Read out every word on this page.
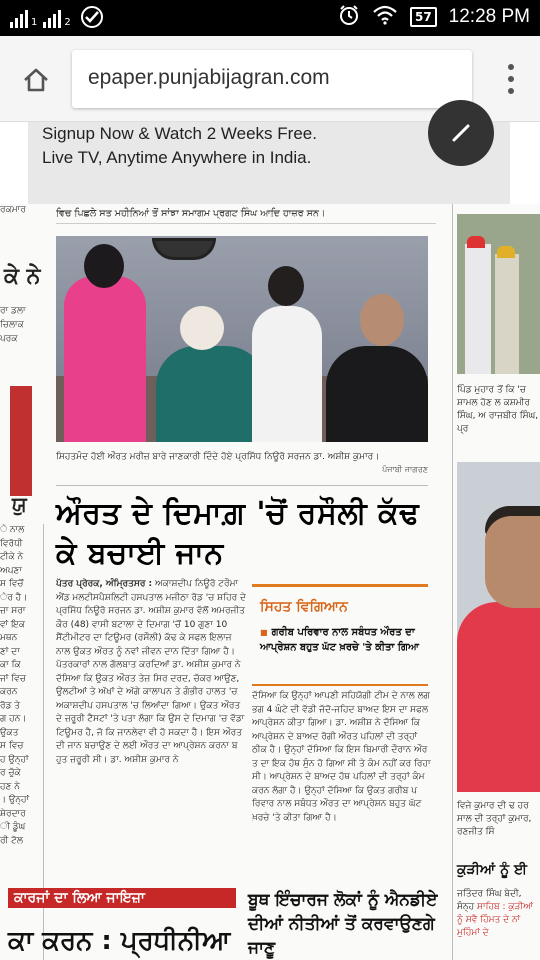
1	2	57 12:28 PM
epaper.punjabijagran.com
ਰਕਮਾਰ
ਕੇ ਨੇ

ਰਾ ਡਲਾ

ਚਿਲਾਕ

ਪਰਕ

ਯੁ

ੇ ਨਾਲ

ਵਿਰੋਧੀ

ਟੀਕੇ ਨੇ

ਅਪਣਾ

ਸ ਵਿਚੋਂ

ੇਰ ਹੈ।

ਜ਼ਾ ਸਰਾ

ਵਾਂ ਇਕ

ਮਥਨ

ਣਾਂ ਦਾ

ਕਾ ਕਿ

ਜਾਂ ਵਿਚ

ਕਰਨ

ਰੋਡ ਤੇ

ਗ ਹਨ।

ਉਕਤ

ਸ ਵਿਚ

ਹ ਉਨ੍ਹਾਂ

ਰ ਚੁੱਕੇ

ਹਣ ਨੇ

। ਉਨ੍ਹਾਂ

ਸ਼ੇਰਦਾਰ

ੀ ਡੂੰਘ

ਰੀ ਟੋਲ

ਵਿਚ ਪਿਛਲੇ ਸਤ ਮਹੀਨਿਆਂ ਤੋਂ ਸਾਂਝਾ ਸਮਾਗਮ ਪ੍ਰਗਟ ਸਿੰਘ ਆਦਿ ਹਾਜ਼ਰ ਸਨ।
ਸਿਹਤਮੰਦ ਹੋਈ ਔਰਤ ਮਰੀਜ਼ ਬਾਰੇ ਜਾਣਕਾਰੀ ਦਿੰਦੇ ਹੋਏ ਪ੍ਰਸਿੱਧ ਨਿਊਰੋ ਸਰਜਨ ਡਾ. ਅਸ਼ੀਸ਼ ਕੁਮਾਰ।
ਪੰਜਾਬੀ ਜਾਗਰਣ
ਔਰਤ ਦੇ ਦਿਮਾਗ਼ 'ਚੋਂ ਰਸੌਲੀ ਕੱਢ ਕੇ ਬਚਾਈ ਜਾਨ

ਪੱਤਰ ਪ੍ਰੇਰਕ, ਅੰਮ੍ਰਿਤਸਰ : ਅਕਾਸ਼ਦੀਪ ਨਿਊਰੋ ਟਰੌਮਾ ਐਂਡ ਮਲਟੀਸਪੈਸ਼ਲਿਟੀ ਹਸਪਤਾਲ ਮਜੀਠਾ ਰੋਡ 'ਚ ਸ਼ਹਿਰ ਦੇ ਪ੍ਰਸਿੱਧ ਨਿਊਰੋ ਸਰਜਨ ਡਾ. ਅਸ਼ੀਸ਼ ਕੁਮਾਰ ਵੱਲੋਂ ਅਮਰਜੀਤ ਕੌਰ (48) ਵਾਸੀ ਬਟਾਲਾ ਦੇ ਦਿਮਾਗ 'ਚੋਂ 10 ਗੁਣਾ 10 ਸੈਂਟੀਮੀਟਰ ਦਾ ਟਿਊਮਰ (ਰਸੌਲੀ) ਕੱਢ ਕੇ ਸਫਲ ਇਲਾਜ ਨਾਲ ਉਕਤ ਔਰਤ ਨੂੰ ਨਵਾਂ ਜੀਵਨ ਦਾਨ ਦਿੱਤਾ ਗਿਆ ਹੈ। ਪੱਤਰਕਾਰਾਂ ਨਾਲ ਗੱਲਬਾਤ ਕਰਦਿਆਂ ਡਾ. ਅਸ਼ੀਸ਼ ਕੁਮਾਰ ਨੇ ਦੱਸਿਆ ਕਿ ਉਕਤ ਔਰਤ ਤੇਜ਼ ਸਿਰ ਦਰਦ, ਚੱਕਰ ਆਉਣ, ਉਲਟੀਆਂ ਤੇ ਅੱਖਾਂ ਦੇ ਅੱਗੇ ਕਾਲਾਪਨ ਤੇ ਗੰਭੀਰ ਹਾਲਤ 'ਚ ਅਕਾਸ਼ਦੀਪ ਹਸਪਤਾਲ 'ਚ ਲਿਆਂਦਾ ਗਿਆ। ਉਕਤ ਔਰਤ ਦੇ ਜ਼ਰੂਰੀ ਟੈਸਟਾਂ 'ਤੇ ਪਤਾ ਲੱਗਾ ਕਿ ਉਸ ਦੇ ਦਿਮਾਗ 'ਚ ਵੱਡਾ ਟਿਊਮਰ ਹੈ, ਜੋ ਕਿ ਜਾਨਲੇਵਾ ਵੀ ਹੋ ਸਕਦਾ ਹੈ। ਇਸ ਔਰਤ ਦੀ ਜਾਨ ਬਚਾਉਣ ਦੇ ਲਈ ਔਰਤ ਦਾ ਆਪ੍ਰੇਸ਼ਨ ਕਰਨਾ ਬਹੁਤ ਜ਼ਰੂਰੀ ਸੀ। ਡਾ. ਅਸ਼ੀਸ਼ ਕੁਮਾਰ ਨੇ

ਸਿਹਤ ਵਿਗਿਆਨ
■ ਗਰੀਬ ਪਰਿਵਾਰ ਨਾਲ ਸਬੰਧਤ ਔਰਤ ਦਾ ਆਪ੍ਰੇਸ਼ਨ ਬਹੁਤ ਘੱਟ ਖ਼ਰਚੇ 'ਤੇ ਕੀਤਾ ਗਿਆ

ਦੱਸਿਆ ਕਿ ਉਨ੍ਹਾਂ ਆਪਣੀ ਸਹਿਯੋਗੀ ਟੀਮ ਦੇ ਨਾਲ ਲਗਭਗ 4 ਘੰਟੇ ਦੀ ਵੱਡੀ ਜੱਦੋ-ਜਹਿਦ ਬਾਅਦ ਇਸ ਦਾ ਸਫਲ ਆਪ੍ਰੇਸ਼ਨ ਕੀਤਾ ਗਿਆ। ਡਾ. ਅਸ਼ੀਸ਼ ਨੇ ਦੱਸਿਆ ਕਿ ਆਪ੍ਰੇਸ਼ਨ ਦੇ ਬਾਅਦ ਰੋਗੀ ਔਰਤ ਪਹਿਲਾਂ ਦੀ ਤਰ੍ਹਾਂ ਠੀਕ ਹੈ। ਉਨ੍ਹਾਂ ਦੱਸਿਆ ਕਿ ਇਸ ਬਿਮਾਰੀ ਦੌਰਾਨ ਔਰਤ ਦਾ ਇਕ ਹੱਥ ਸੁੰਨ ਹੋ ਗਿਆ ਸੀ ਤੇ ਕੰਮ ਨਹੀਂ ਕਰ ਰਿਹਾ ਸੀ। ਆਪ੍ਰੇਸ਼ਨ ਦੇ ਬਾਅਦ ਹੱਥ ਪਹਿਲਾਂ ਦੀ ਤਰ੍ਹਾਂ ਕੰਮ ਕਰਨ ਲੱਗਾ ਹੈ। ਉਨ੍ਹਾਂ ਦੱਸਿਆ ਕਿ ਉਕਤ ਗਰੀਬ ਪਰਿਵਾਰ ਨਾਲ ਸਬੰਧਤ ਔਰਤ ਦਾ ਆਪ੍ਰੇਸ਼ਨ ਬਹੁਤ ਘੱਟ ਖ਼ਰਚੇ 'ਤੇ ਕੀਤਾ ਗਿਆ ਹੈ।

ਕਾਰਜਾਂ ਦਾ ਲਿਆ ਜਾਇਜ਼ਾ
ਕਾ ਕਰਨ : ਪ੍ਰਧੀਨੀਆ
ਬੂਥ ਇੰਚਾਰਜ ਲੋਕਾਂ ਨੂੰ ਐਨਡੀਏ ਦੀਆਂ ਨੀਤੀਆਂ ਤੋਂ ਕਰਵਾਉਣਗੇ ਜਾਣੂ
ਪਿੰਡ ਮੁਹਾਰ ਤੋਂ ਕਿ 'ਚ ਸ਼ਾਮਲ ਹੋਣ ਲ ਕਸ਼ਮੀਰ ਸਿੰਘ, ਅ ਰਾਜਬੀਰ ਸਿੰਘ, ਪ੍ਰ
ਵਿਜੇ ਕੁਮਾਰ ਦੀ ਢ ਹਰ ਸਾਲ ਦੀ ਤਰ੍ਹਾਂ ਕੁਮਾਰ, ਰਣਜੀਤ ਸਿੰ
ਕੁੜੀਆਂ ਨੂੰ ਈ
ਜਤਿੰਦਰ ਸਿੰਘ ਬੇਦੀ, ਸੰਨ੍ਹ ਸਾਹਿਬ : ਕੁੜੀਆਂ ਨੂੰ ਸਵੈ ਹਿੰਮਤ ਦੇ ਨਾਂ ਮੁਹਿੰਮਾਂ ਦੇ
Signup Now & Watch 2 Weeks Free. Live TV, Anytime Anywhere in India.
